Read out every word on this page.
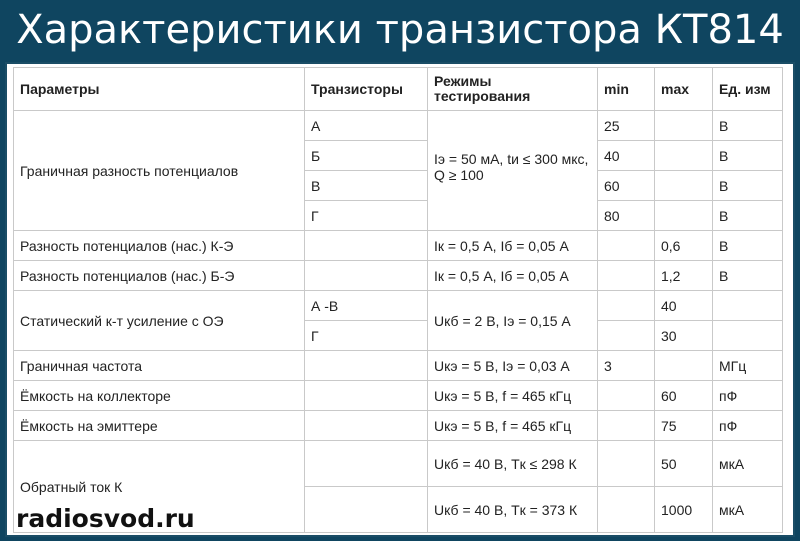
Характеристики транзистора КТ814
Параметры	Транзисторы	Режимы тестирования	min	max	Ед. изм
Граничная разность потенциалов	А	Iэ = 50 мА, tи ≤ 300 мкс, Q ≥ 100	25		В
	Б		40		В
	В		60		В
	Г		80		В
Разность потенциалов (нас.) К-Э		Iк = 0,5 А, Iб = 0,05 А		0,6	В
Разность потенциалов (нас.) Б-Э		Iк = 0,5 А, Iб = 0,05 А		1,2	В
Статический к-т усиление с ОЭ	А -В	Uкб = 2 В, Iэ = 0,15 А		40	
	Г			30	
Граничная частота		Uкэ = 5 В, Iэ = 0,03 А	3		МГц
Ёмкость на коллекторе		Uкэ = 5 В, f = 465 кГц		60	пФ
Ёмкость на эмиттере		Uкэ = 5 В, f = 465 кГц		75	пФ
Обратный ток К		Uкб = 40 В, Tк ≤ 298 К		50	мкА
		Uкб = 40 В, Tк = 373 К		1000	мкА
radiosvod.ru
